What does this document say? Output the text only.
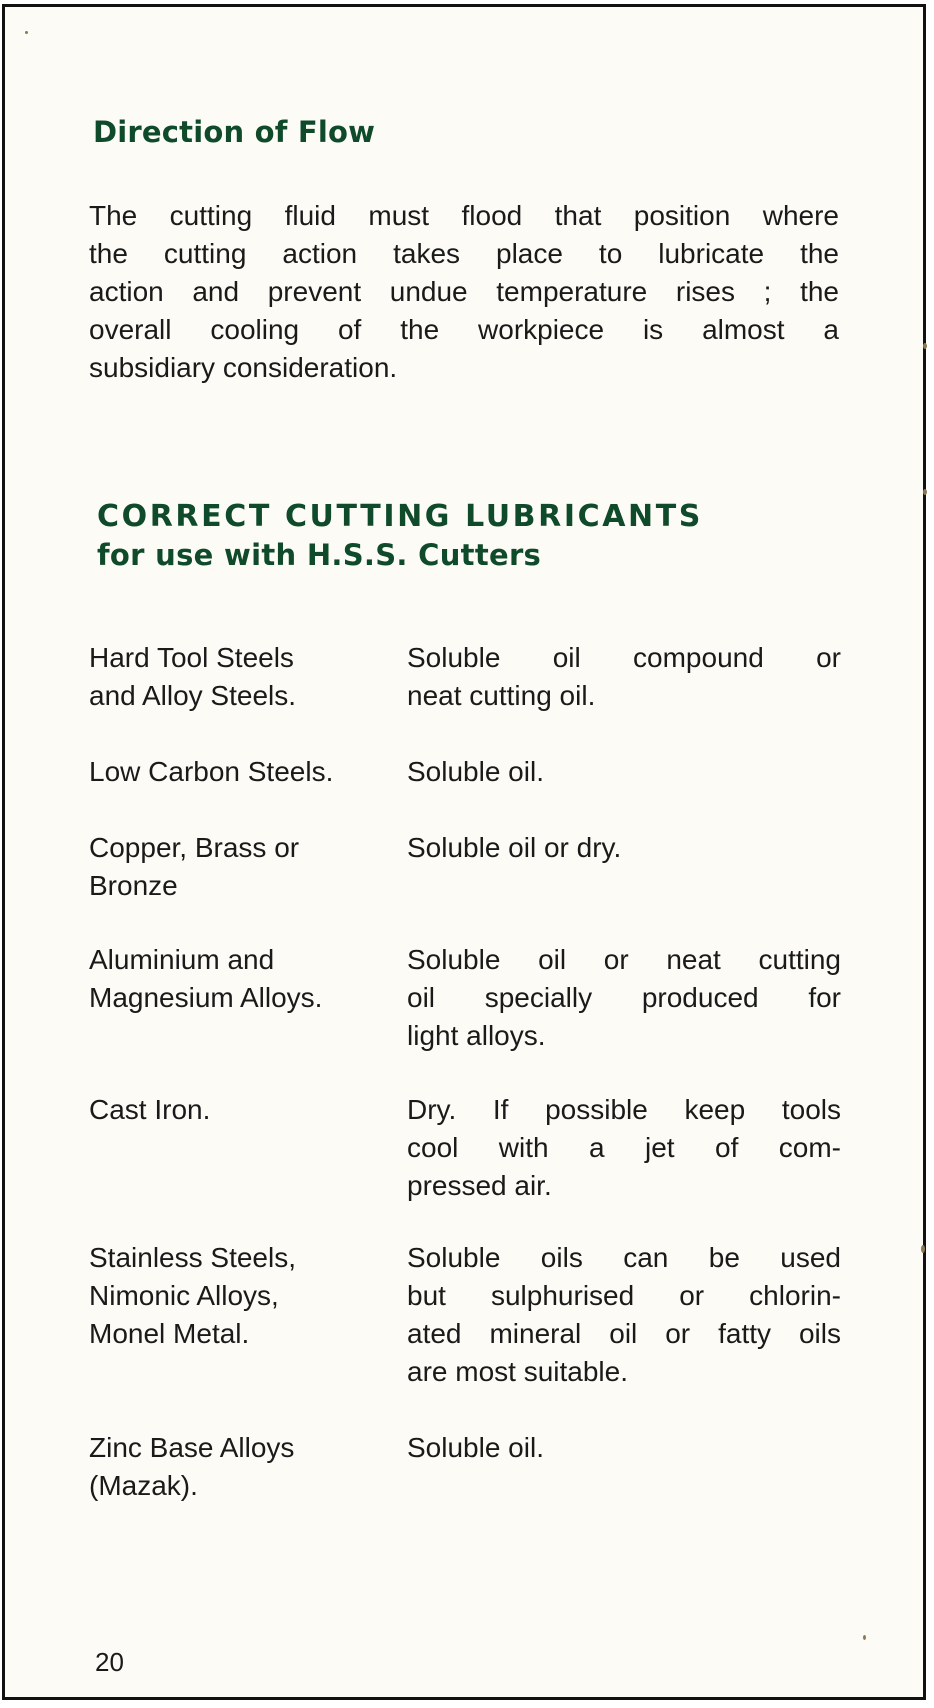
Direction of Flow
The cutting fluid must flood that position where
the cutting action takes place to lubricate the
action and prevent undue temperature rises ; the
overall cooling of the workpiece is almost a
subsidiary consideration.
CORRECT CUTTING LUBRICANTS
for use with H.S.S. Cutters
Hard Tool Steels
and Alloy Steels.
Soluble oil compound or
neat cutting oil.
Low Carbon Steels.	Soluble oil.
Copper, Brass or
Bronze
Soluble oil or dry.
Aluminium and
Magnesium Alloys.
Soluble oil or neat cutting
oil specially produced for
light alloys.
Cast Iron.	Dry. If possible keep tools
cool with a jet of com-
pressed air.
Stainless Steels,
Nimonic Alloys,
Monel Metal.
Soluble oils can be used
but sulphurised or chlorin-
ated mineral oil or fatty oils
are most suitable.
Zinc Base Alloys
(Mazak).
Soluble oil.
20
